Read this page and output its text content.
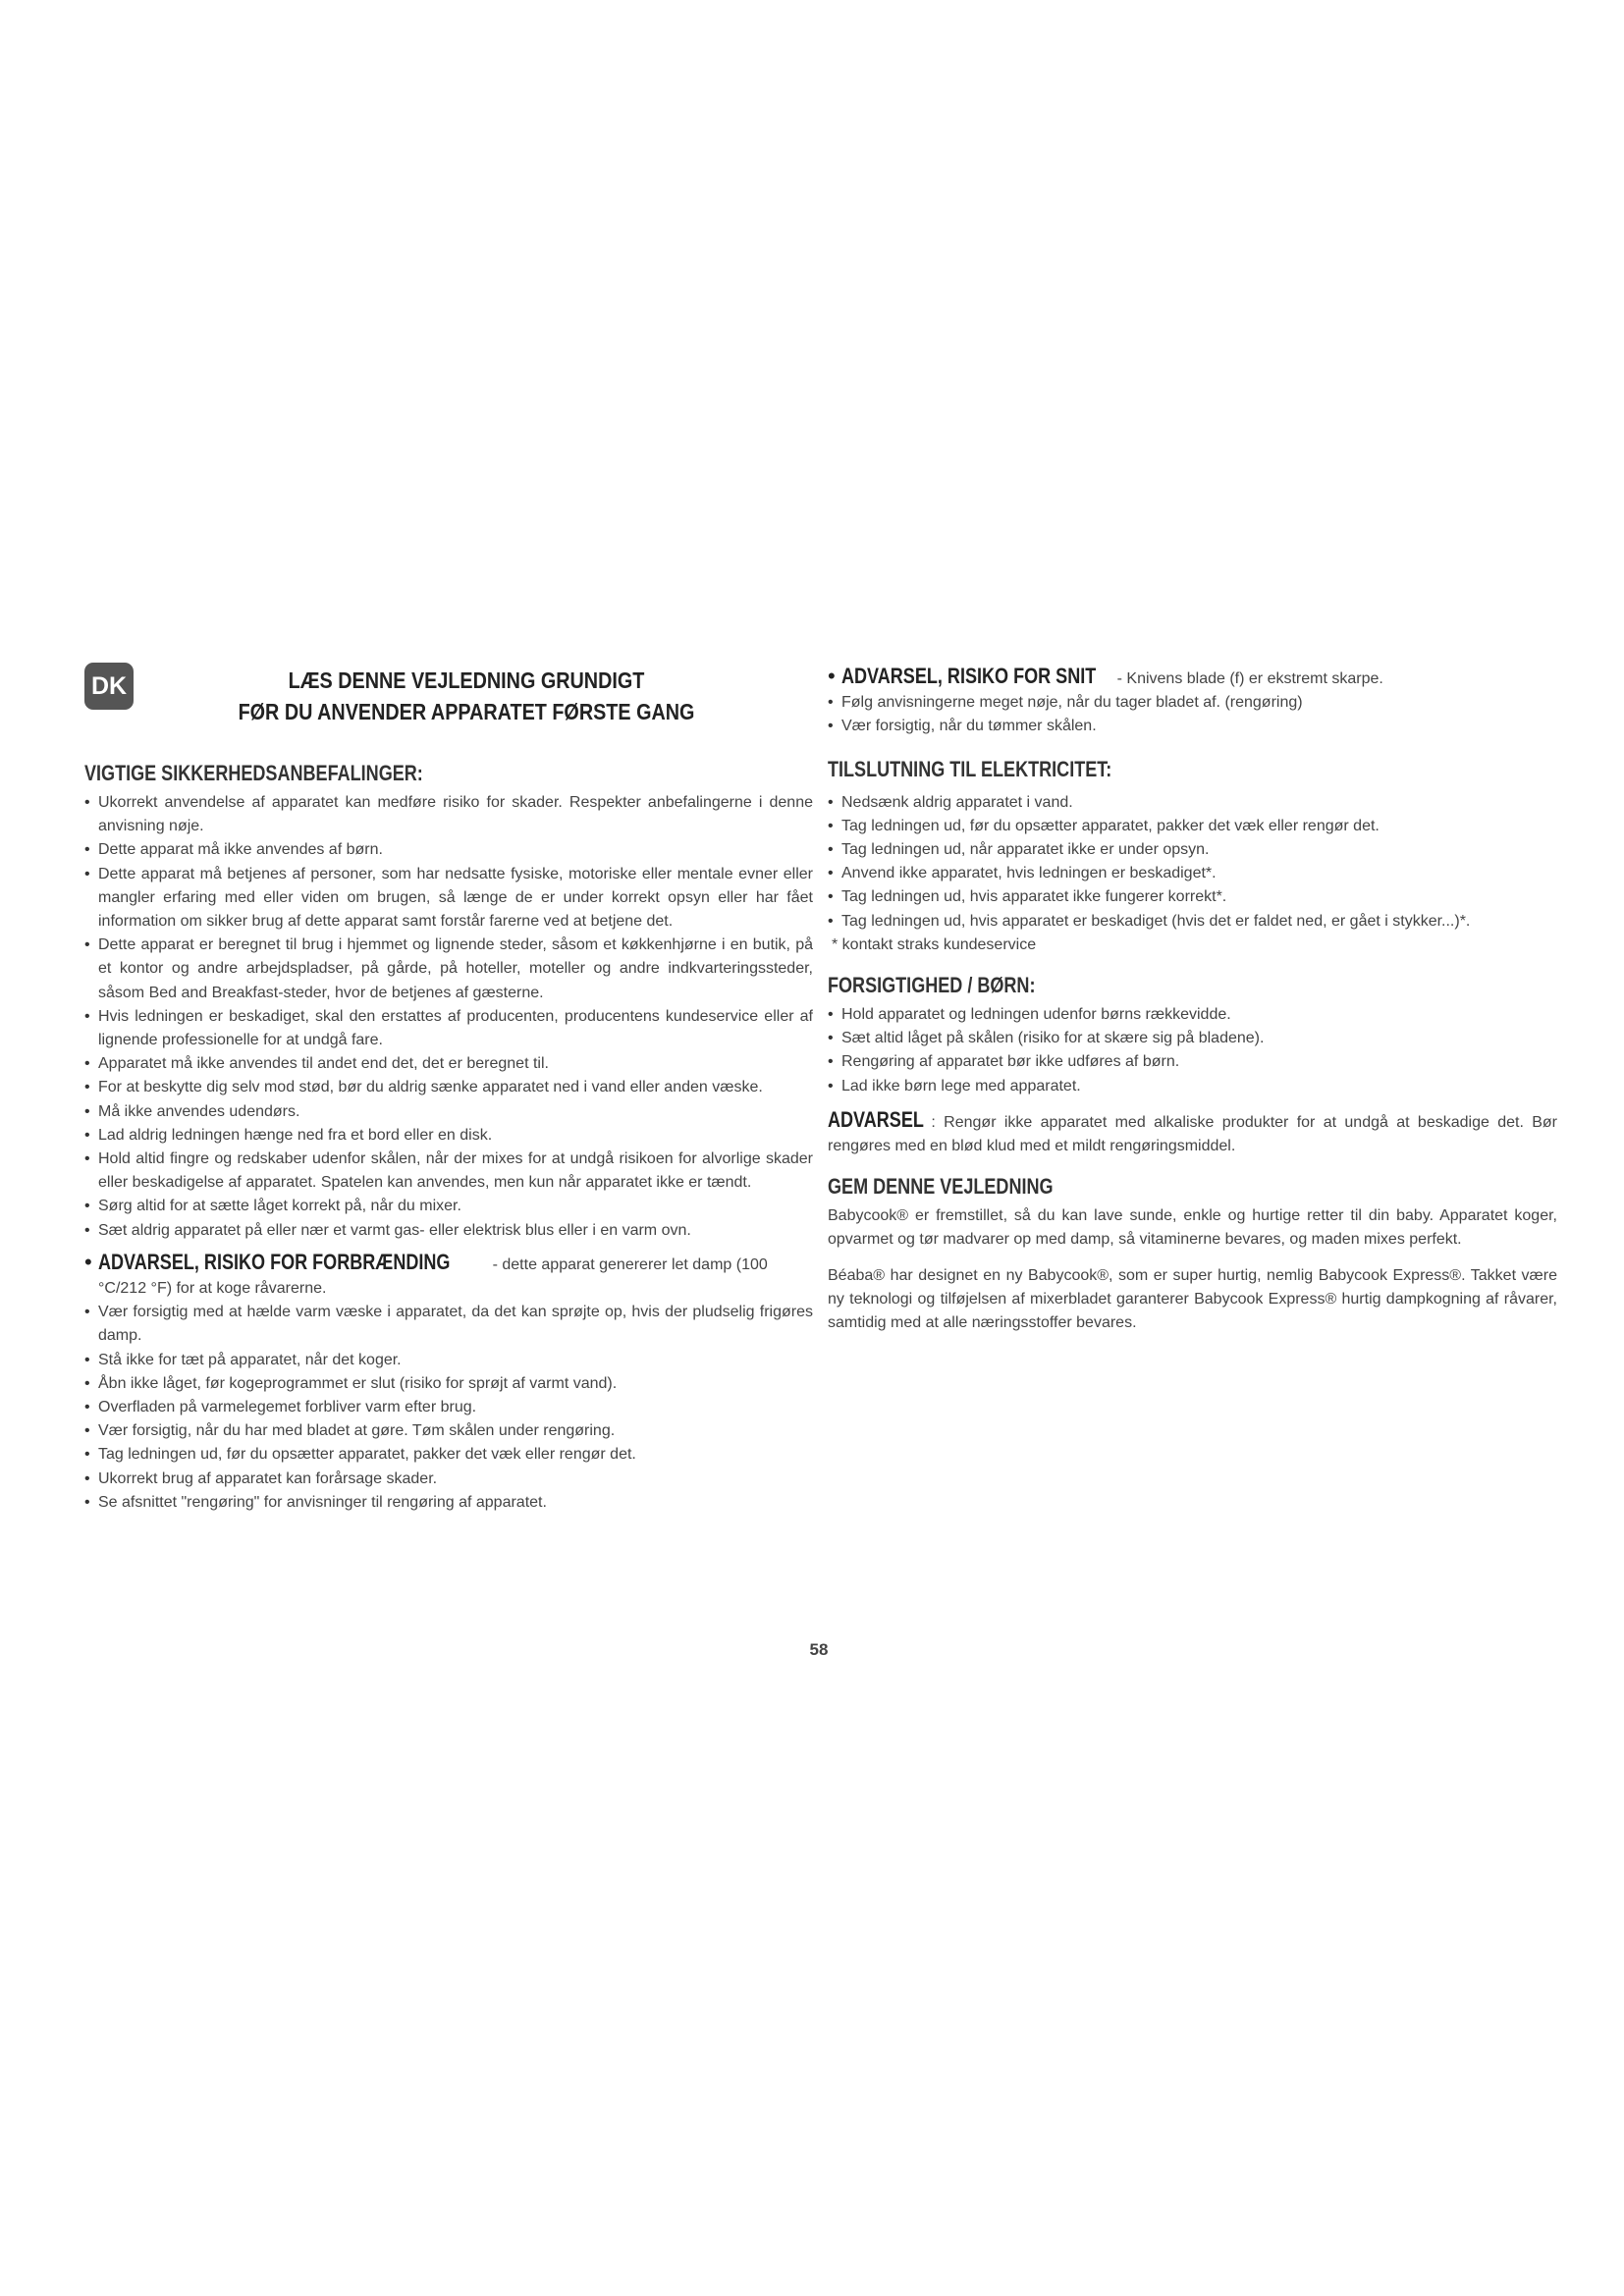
DK	LÆS DENNE VEJLEDNING GRUNDIGT
FØR DU ANVENDER APPARATET FØRSTE GANG
VIGTIGE SIKKERHEDSANBEFALINGER:
• Ukorrekt anvendelse af apparatet kan medføre risiko for skader. Respekter anbefalingerne i denne anvisning nøje.
• Dette apparat må ikke anvendes af børn.
• Dette apparat må betjenes af personer, som har nedsatte fysiske, motoriske eller mentale evner eller mangler erfaring med eller viden om brugen, så længe de er under korrekt opsyn eller har fået information om sikker brug af dette apparat samt forstår farerne ved at betjene det.
• Dette apparat er beregnet til brug i hjemmet og lignende steder, såsom et køkkenhjørne i en butik, på et kontor og andre arbejdspladser, på gårde, på hoteller, moteller og andre indkvarteringssteder, såsom Bed and Breakfast-steder, hvor de betjenes af gæsterne.
• Hvis ledningen er beskadiget, skal den erstattes af producenten, producentens kundeservice eller af lignende professionelle for at undgå fare.
• Apparatet må ikke anvendes til andet end det, det er beregnet til.
• For at beskytte dig selv mod stød, bør du aldrig sænke apparatet ned i vand eller anden væske.
• Må ikke anvendes udendørs.
• Lad aldrig ledningen hænge ned fra et bord eller en disk.
• Hold altid fingre og redskaber udenfor skålen, når der mixes for at undgå risikoen for alvorlige skader eller beskadigelse af apparatet. Spatelen kan anvendes, men kun når apparatet ikke er tændt.
• Sørg altid for at sætte låget korrekt på, når du mixer.
• Sæt aldrig apparatet på eller nær et varmt gas- eller elektrisk blus eller i en varm ovn.
• ADVARSEL, RISIKO FOR FORBRÆNDING - dette apparat genererer let damp (100
°C/212 °F) for at koge råvarerne.
• Vær forsigtig med at hælde varm væske i apparatet, da det kan sprøjte op, hvis der pludselig frigøres damp.
• Stå ikke for tæt på apparatet, når det koger.
• Åbn ikke låget, før kogeprogrammet er slut (risiko for sprøjt af varmt vand).
• Overfladen på varmelegemet forbliver varm efter brug.
• Vær forsigtig, når du har med bladet at gøre. Tøm skålen under rengøring.
• Tag ledningen ud, før du opsætter apparatet, pakker det væk eller rengør det.
• Ukorrekt brug af apparatet kan forårsage skader.
• Se afsnittet "rengøring" for anvisninger til rengøring af apparatet.
• ADVARSEL, RISIKO FOR SNIT - Knivens blade (f) er ekstremt skarpe.
• Følg anvisningerne meget nøje, når du tager bladet af. (rengøring)
• Vær forsigtig, når du tømmer skålen.
TILSLUTNING TIL ELEKTRICITET:
• Nedsænk aldrig apparatet i vand.
• Tag ledningen ud, før du opsætter apparatet, pakker det væk eller rengør det.
• Tag ledningen ud, når apparatet ikke er under opsyn.
• Anvend ikke apparatet, hvis ledningen er beskadiget*.
• Tag ledningen ud, hvis apparatet ikke fungerer korrekt*.
• Tag ledningen ud, hvis apparatet er beskadiget (hvis det er faldet ned, er gået i stykker...)*.
* kontakt straks kundeservice
FORSIGTIGHED / BØRN:
• Hold apparatet og ledningen udenfor børns rækkevidde.
• Sæt altid låget på skålen (risiko for at skære sig på bladene).
• Rengøring af apparatet bør ikke udføres af børn.
• Lad ikke børn lege med apparatet.

ADVARSEL : Rengør ikke apparatet med alkaliske produkter for at undgå at beskadige det. Bør rengøres med en blød klud med et mildt rengøringsmiddel.

GEM DENNE VEJLEDNING

Babycook® er fremstillet, så du kan lave sunde, enkle og hurtige retter til din baby. Apparatet koger, opvarmet og tør madvarer op med damp, så vitaminerne bevares, og maden mixes perfekt.

Béaba® har designet en ny Babycook®, som er super hurtig, nemlig Babycook Express®. Takket være ny teknologi og tilføjelsen af mixerbladet garanterer Babycook Express® hurtig dampkogning af råvarer, samtidig med at alle næringsstoffer bevares.

58
